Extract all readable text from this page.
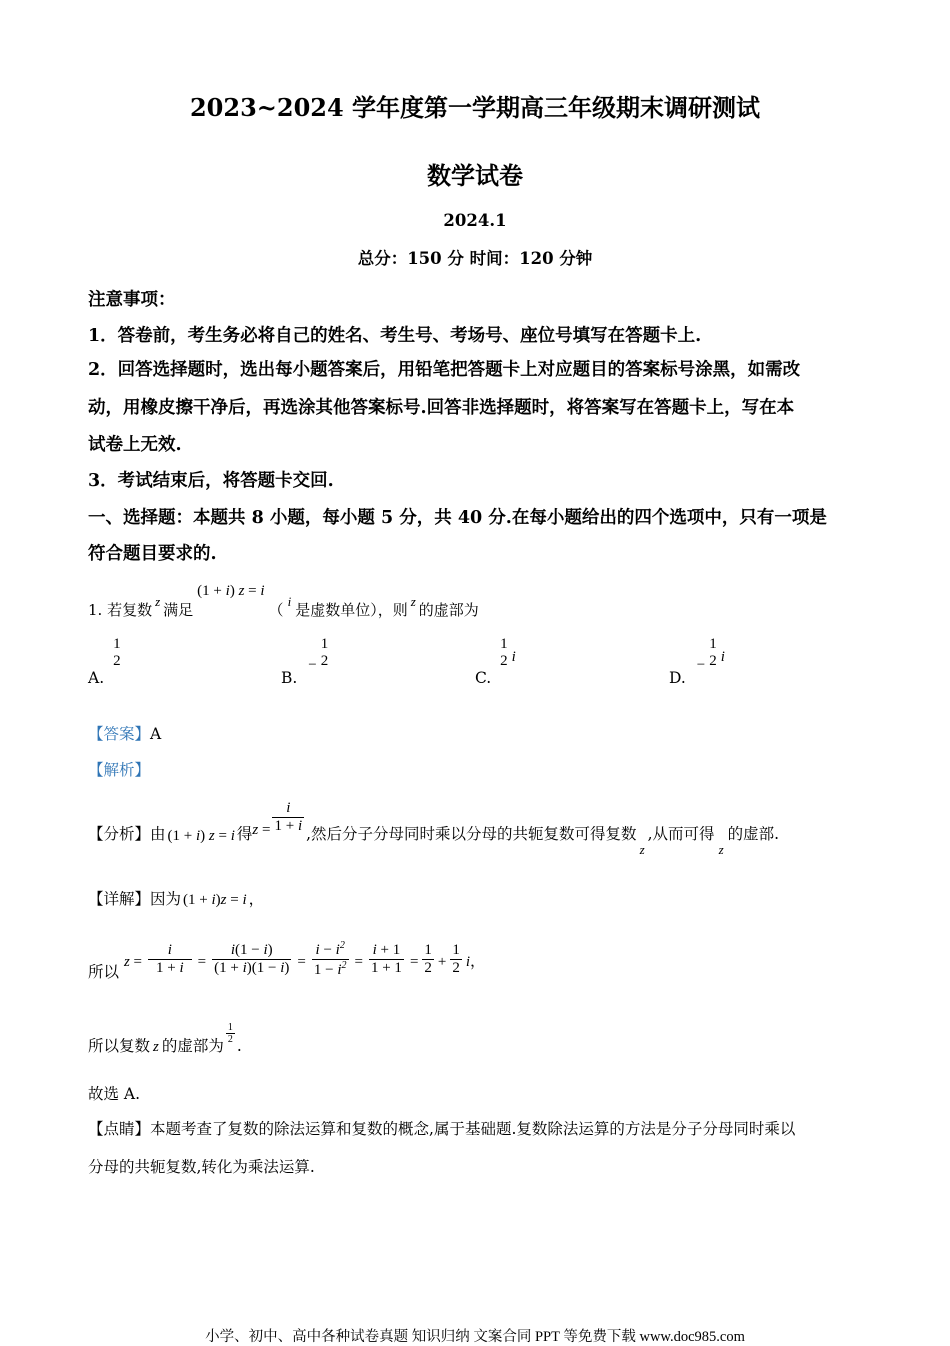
2023~2024 学年度第一学期高三年级期末调研测试
数学试卷
2024.1
总分：150 分 时间：120 分钟
注意事项：
1．答卷前，考生务必将自己的姓名、考生号、考场号、座位号填写在答题卡上.
2．回答选择题时，选出每小题答案后，用铅笔把答题卡上对应题目的答案标号涂黑，如需改
动，用橡皮擦干净后，再选涂其他答案标号.回答非选择题时，将答案写在答题卡上，写在本
试卷上无效.
3．考试结束后，将答题卡交回.
一、选择题：本题共 8 小题，每小题 5 分，共 40 分.在每小题给出的四个选项中，只有一项是
符合题目要求的.
1. 若复数 z 满足(1 + i) z = i（ i 是虚数单位），则 z 的虚部为
A.
1
2
B. −
1
2
C.
1
2 i
D. −
1
2 i
【答案】A
【解析】
【分析】由 (1 + i) z = i 得$z = \frac{i}{1 + i}$ ,然后分子分母同时乘以分母的共轭复数可得复数$_z$,从而可得$_z$的虚部.
【详解】因为 (1 + i)z = i ，
所以 $z = \frac{i}{1 + i} = \frac{i(1 - i)}{(1 + i)(1 - i)} = \frac{i - i^2}{1 - i^2} = \frac{i + 1}{1 + 1} = \frac{1}{2} + \frac{1}{2}$ i，
所以复数 z 的虚部为
$\frac{1}{2}$
.
故选 A.
【点睛】本题考查了复数的除法运算和复数的概念,属于基础题.复数除法运算的方法是分子分母同时乘以
分母的共轭复数,转化为乘法运算.
小学、初中、高中各种试卷真题 知识归纳 文案合同 PPT 等免费下载 www.doc985.com
